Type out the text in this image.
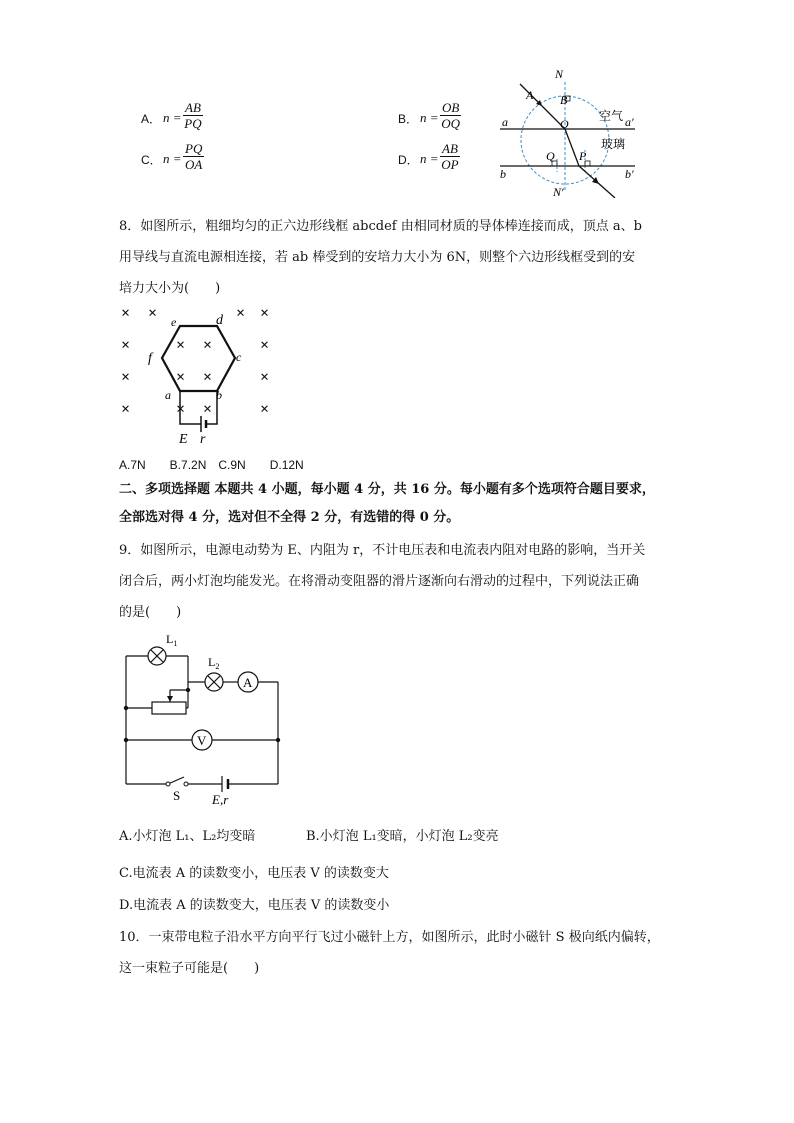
A． $n = \frac{AB}{PQ}$	B． $n = \frac{OB}{OQ}$
C． $n = \frac{PQ}{OA}$	D． $n = \frac{AB}{OP}$
N
A B
O
a	a′
空气
玻璃
Q P
b	b′
N′
8．如图所示，粗细均匀的正六边形线框 abcdef 由相同材质的导体棒连接而成，顶点 a、b
用导线与直流电源相连接，若 ab 棒受到的安培力大小为 6N，则整个六边形线框受到的安
培力大小为(　　)
× ×	× ×
×	× ×	×
×	× ×	×
×	× ×	×
e	d
c
f
a	b
E r
A.7N　　B.7.2N　C.9N　　D.12N
二、多项选择题 本题共 4 小题，每小题 4 分，共 16 分。每小题有多个选项符合题目要求，
全部选对得 4 分，选对但不全得 2 分，有选错的得 0 分。
9．如图所示，电源电动势为 E、内阻为 r，不计电压表和电流表内阻对电路的影响，当开关
闭合后，两小灯泡均能发光。在将滑动变阻器的滑片逐渐向右滑动的过程中，下列说法正确
的是(　　)
A
V
$L_1$
$L_2$
S E,r
A.小灯泡 L₁、L₂均变暗	B.小灯泡 L₁变暗，小灯泡 L₂变亮
C.电流表 A 的读数变小，电压表 V 的读数变大
D.电流表 A 的读数变大，电压表 V 的读数变小
10．一束带电粒子沿水平方向平行飞过小磁针上方，如图所示，此时小磁针 S 极向纸内偏转，
这一束粒子可能是(　　)
